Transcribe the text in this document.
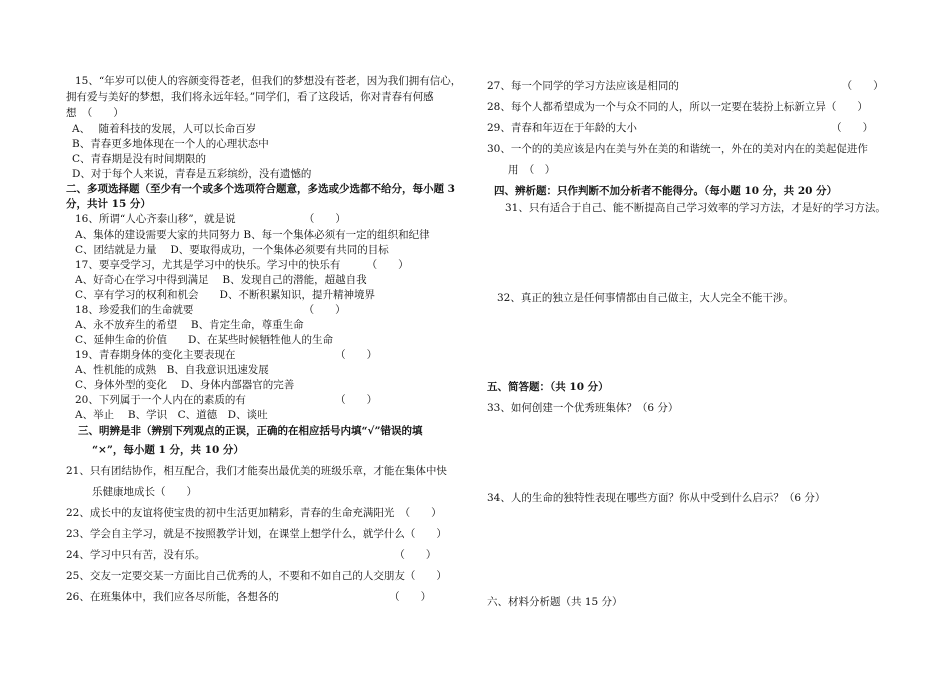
15、“年岁可以使人的容颜变得苍老，但我们的梦想没有苍老，因为我们拥有信心，
拥有爱与美好的梦想，我们将永远年轻。”同学们，看了这段话，你对青春有何感
想　（　　）
A、　 随着科技的发展，人可以长命百岁
B、青春更多地体现在一个人的心理状态中
C、青春期是没有时间期限的
D、对于每个人来说，青春是五彩缤纷，没有遗憾的
二、多项选择题（至少有一个或多个选项符合题意，多选或少选都不给分，每小题 3
分，共计 15 分）
16、所谓“人心齐泰山移”，就是说　　　　　　　（　　）
A、集体的建设需要大家的共同努力 B、每一个集体必须有一定的组织和纪律
C、团结就是力量　 D、要取得成功，一个集体必须要有共同的目标
17、要享受学习，尤其是学习中的快乐。学习中的快乐有　　　（　　）
A、好奇心在学习中得到满足　 B、发现自己的潜能，超越自我
C、享有学习的权利和机会　　D、不断积累知识，提升精神境界
18、珍爱我们的生命就要　　　　　　　　　　　（　　）
A、永不放弃生的希望　 B、肯定生命，尊重生命
C、延伸生命的价值　　D、在某些时候牺牲他人的生命
19、青春期身体的变化主要表现在　　　　　　　　　　（　　）
A、性机能的成熟　B、自我意识迅速发展
C、身体外型的变化　 D、身体内部器官的完善
20、下列属于一个人内在的素质的有　　　　　　　　　（　　）
A、举止　 B、学识　C、道德　D、谈吐
三、明辨是非（辨别下列观点的正误，正确的在相应括号内填“√”错误的填
“×”，每小题 1 分，共 10 分）
21、只有团结协作，相互配合，我们才能奏出最优美的班级乐章，才能在集体中快
乐健康地成长（　　）
22、成长中的友谊将使宝贵的初中生活更加精彩，青春的生命充满阳光　（　　）
23、学会自主学习，就是不按照教学计划，在课堂上想学什么，就学什么（　　）
24、学习中只有苦，没有乐。　　　　　　　　　　　　　　　　　　　（　　）
25、交友一定要交某一方面比自己优秀的人，不要和不如自己的人交朋友（　　）
26、在班集体中，我们应各尽所能，各想各的　　　　　　　　　　　（　　）
27、每一个同学的学习方法应该是相同的　　　　　　　　　　　　　　　　（　　）
28、每个人都希望成为一个与众不同的人，所以一定要在装扮上标新立异（　　）
29、青春和年迈在于年龄的大小　　　　　　　　　　　　　　　　　　　（　　）
30、一个的的美应该是内在美与外在美的和谐统一，外在的美对内在的美起促进作
用　（　）
四、辨析题：只作判断不加分析者不能得分。（每小题 10 分，共 20 分）
31、只有适合于自己、能不断提高自己学习效率的学习方法，才是好的学习方法。
32、真正的独立是任何事情都由自己做主，大人完全不能干涉。
五、简答题：（共 10 分）
33、如何创建一个优秀班集体？（6 分）
34、人的生命的独特性表现在哪些方面？你从中受到什么启示？（6 分）
六、材料分析题（共 15 分）
